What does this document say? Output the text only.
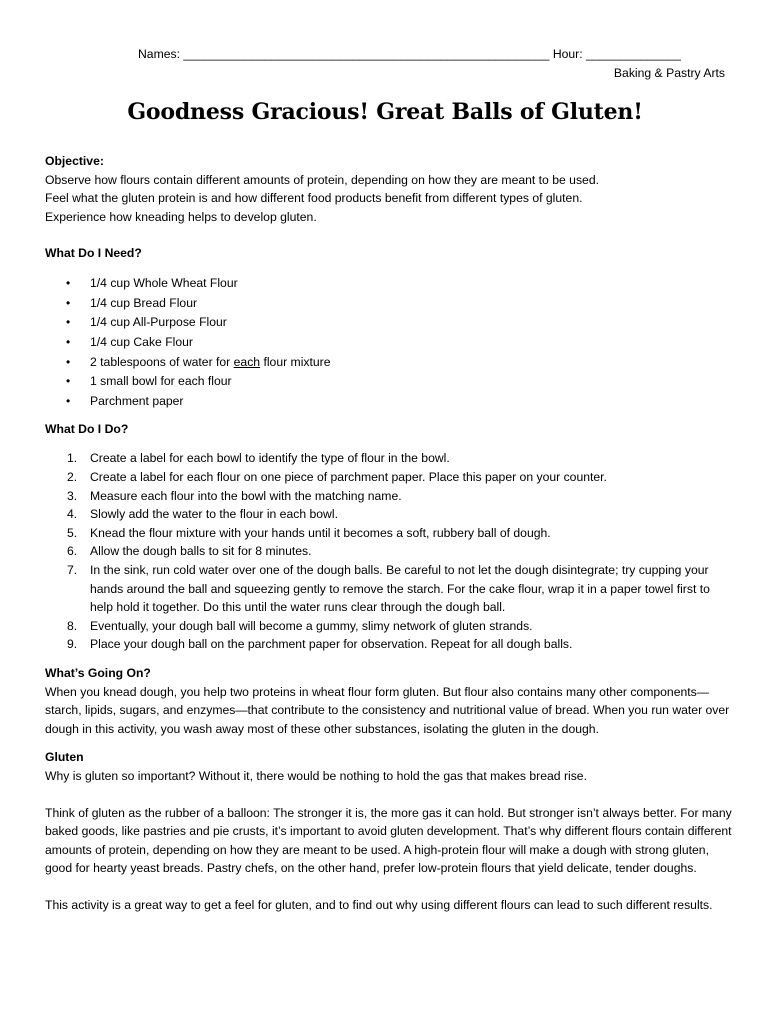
Names: ______________________________________________________ Hour: ______________
Baking & Pastry Arts
Goodness Gracious! Great Balls of Gluten!

Objective:

Observe how flours contain different amounts of protein, depending on how they are meant to be used.

Feel what the gluten protein is and how different food products benefit from different types of gluten.

Experience how kneading helps to develop gluten.

What Do I Need?

• 1/4 cup Whole Wheat Flour
• 1/4 cup Bread Flour
• 1/4 cup All-Purpose Flour
• 1/4 cup Cake Flour
• 2 tablespoons of water for each flour mixture
• 1 small bowl for each flour
• Parchment paper

What Do I Do?

1. Create a label for each bowl to identify the type of flour in the bowl.
2. Create a label for each flour on one piece of parchment paper. Place this paper on your counter.
3. Measure each flour into the bowl with the matching name.
4. Slowly add the water to the flour in each bowl.
5. Knead the flour mixture with your hands until it becomes a soft, rubbery ball of dough.
6. Allow the dough balls to sit for 8 minutes.
7. In the sink, run cold water over one of the dough balls. Be careful to not let the dough disintegrate; try cupping your hands around the ball and squeezing gently to remove the starch. For the cake flour, wrap it in a paper towel first to help hold it together. Do this until the water runs clear through the dough ball.
8. Eventually, your dough ball will become a gummy, slimy network of gluten strands.
9. Place your dough ball on the parchment paper for observation. Repeat for all dough balls.

What’s Going On?

When you knead dough, you help two proteins in wheat flour form gluten. But flour also contains many other components—starch, lipids, sugars, and enzymes—that contribute to the consistency and nutritional value of bread. When you run water over dough in this activity, you wash away most of these other substances, isolating the gluten in the dough.

Gluten

Why is gluten so important? Without it, there would be nothing to hold the gas that makes bread rise.

Think of gluten as the rubber of a balloon: The stronger it is, the more gas it can hold. But stronger isn’t always better. For many baked goods, like pastries and pie crusts, it’s important to avoid gluten development. That’s why different flours contain different amounts of protein, depending on how they are meant to be used. A high-protein flour will make a dough with strong gluten, good for hearty yeast breads. Pastry chefs, on the other hand, prefer low-protein flours that yield delicate, tender doughs.

This activity is a great way to get a feel for gluten, and to find out why using different flours can lead to such different results.
